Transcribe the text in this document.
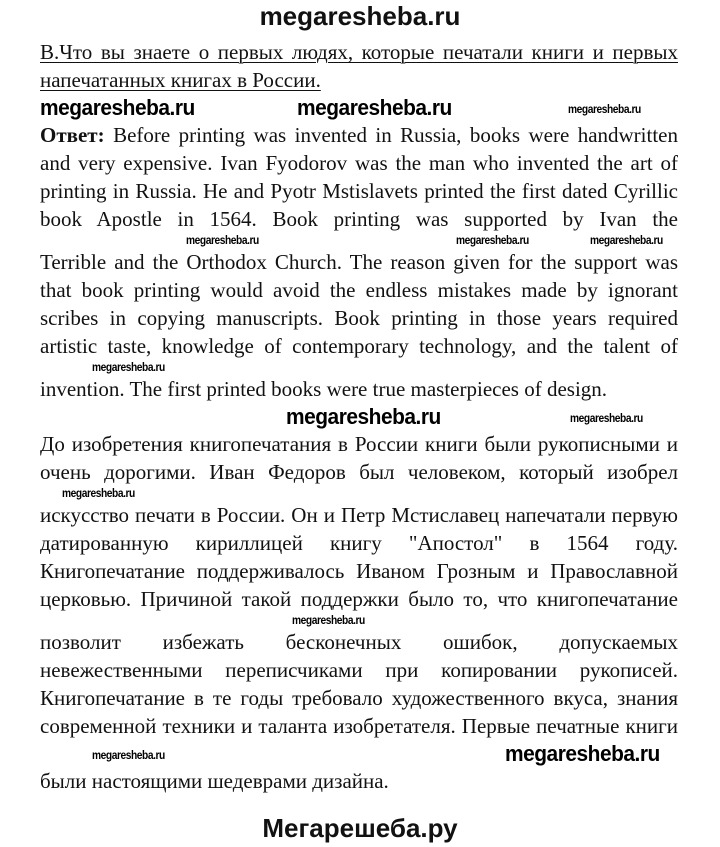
megaresheba.ru
В.Что вы знаете о первых людях, которые печатали книги и первых
напечатанных книгах в России.
megaresheba.ru	megaresheba.ru	megaresheba.ru
Ответ: Before printing was invented in Russia, books were handwritten
and very expensive. Ivan Fyodorov was the man who invented the art of
printing in Russia. He and Pyotr Mstislavets printed the first dated Cyrillic
book Apostle in 1564. Book printing was supported by Ivan the
megaresheba.ru	megaresheba.ru	megaresheba.ru
Terrible and the Orthodox Church. The reason given for the support was
that book printing would avoid the endless mistakes made by ignorant
scribes in copying manuscripts. Book printing in those years required
artistic taste, knowledge of contemporary technology, and the talent of
megaresheba.ru
invention. The first printed books were true masterpieces of design.
megaresheba.ru	megaresheba.ru
До изобретения книгопечатания в России книги были рукописными и
очень дорогими. Иван Федоров был человеком, который изобрел
megaresheba.ru
искусство печати в России. Он и Петр Мстиславец напечатали первую
датированную кириллицей книгу "Апостол" в 1564 году.
Книгопечатание поддерживалось Иваном Грозным и Православной
церковью. Причиной такой поддержки было то, что книгопечатание
megaresheba.ru
позволит избежать бесконечных ошибок, допускаемых
невежественными переписчиками при копировании рукописей.
Книгопечатание в те годы требовало художественного вкуса, знания
современной техники и таланта изобретателя. Первые печатные книги
megaresheba.ru	megaresheba.ru
были настоящими шедеврами дизайна.
Мегарешеба.ру
